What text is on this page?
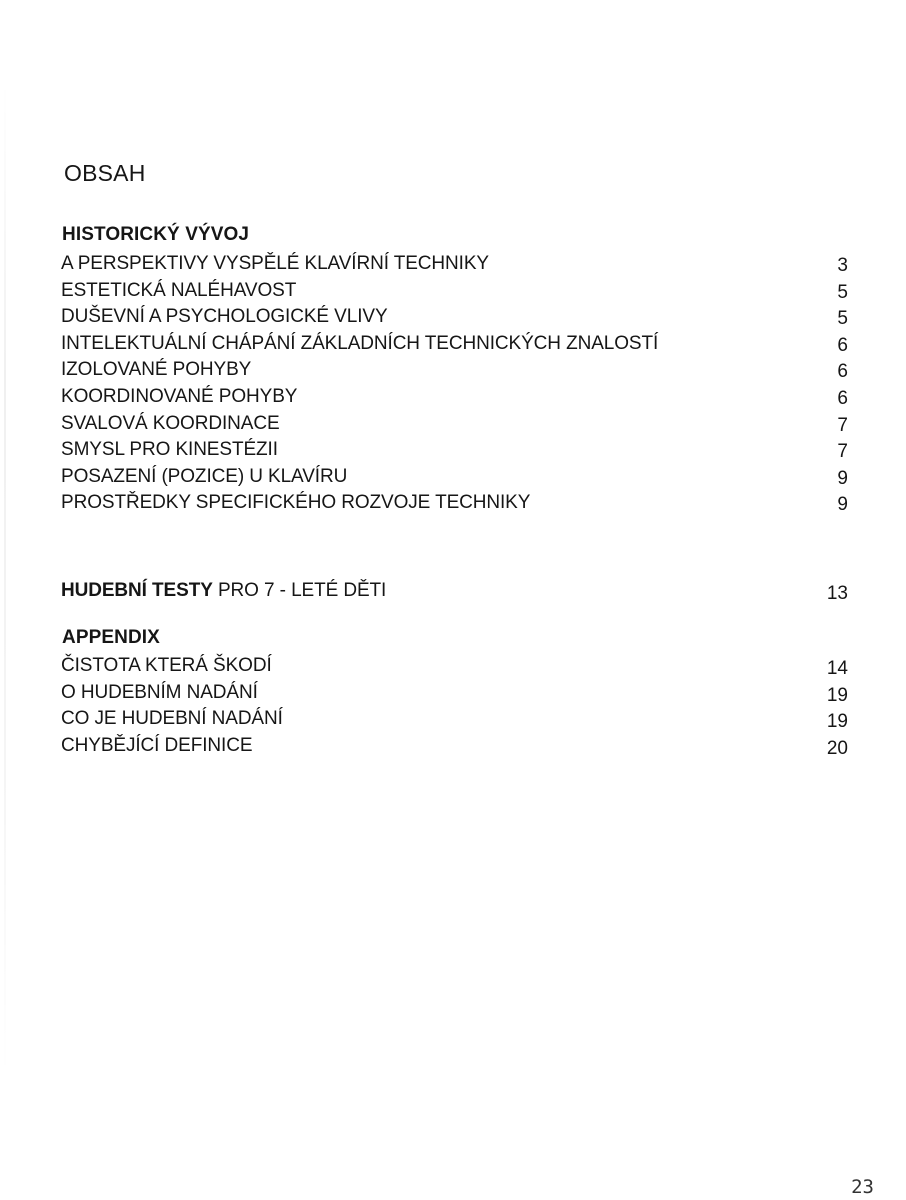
OBSAH
HISTORICKÝ VÝVOJ
A PERSPEKTIVY VYSPĚLÉ KLAVÍRNÍ TECHNIKY	3
ESTETICKÁ NALÉHAVOST	5
DUŠEVNÍ A PSYCHOLOGICKÉ VLIVY	5
INTELEKTUÁLNÍ CHÁPÁNÍ ZÁKLADNÍCH TECHNICKÝCH ZNALOSTÍ	6
IZOLOVANÉ POHYBY	6
KOORDINOVANÉ POHYBY	6
SVALOVÁ KOORDINACE	7
SMYSL PRO KINESTÉZII	7
POSAZENÍ (POZICE) U KLAVÍRU	9
PROSTŘEDKY SPECIFICKÉHO ROZVOJE TECHNIKY	9
HUDEBNÍ TESTY PRO 7 - LETÉ DĚTI	13
APPENDIX
ČISTOTA KTERÁ ŠKODÍ	14
O HUDEBNÍM NADÁNÍ	19
CO JE HUDEBNÍ NADÁNÍ	19
CHYBĚJÍCÍ DEFINICE	20
23
